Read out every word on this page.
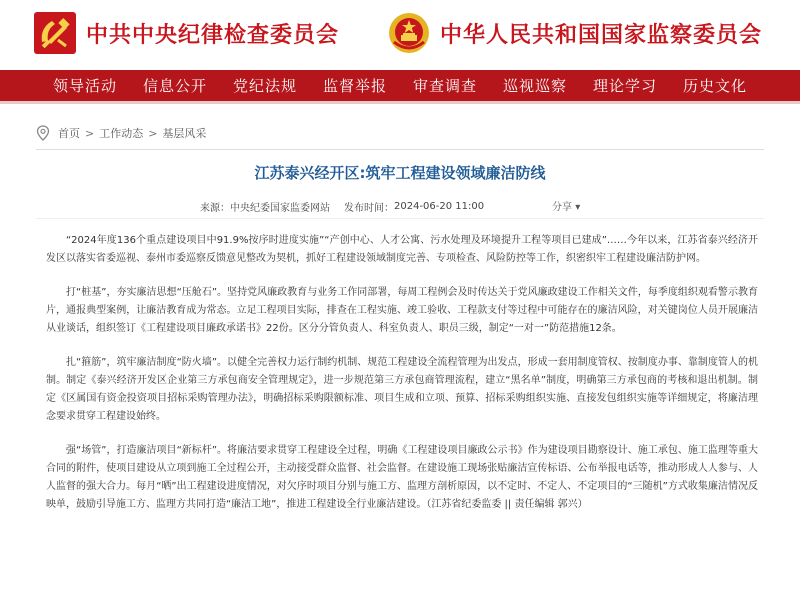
中共中央纪律检查委员会	中华人民共和国国家监察委员会
领导活动 信息公开 党纪法规 监督举报 审查调查 巡视巡察 理论学习 历史文化
首页 > 工作动态 > 基层风采
江苏泰兴经开区:筑牢工程建设领域廉洁防线
来源： 中央纪委国家监委网站 发布时间： 2024-06-20 11:00	分享 ▾

“2024年度136个重点建设项目中91.9%按序时进度实施”“产创中心、人才公寓、污水处理及环境提升工程等项目已建成”……今年以来，江苏省泰兴经济开发区以落实省委巡视、泰州市委巡察反馈意见整改为契机，抓好工程建设领域制度完善、专项检查、风险防控等工作，织密织牢工程建设廉洁防护网。

打“桩基”，夯实廉洁思想“压舱石”。坚持党风廉政教育与业务工作同部署，每周工程例会及时传达关于党风廉政建设工作相关文件，每季度组织观看警示教育片，通报典型案例，让廉洁教育成为常态。立足工程项目实际，排查在工程实施、竣工验收、工程款支付等过程中可能存在的廉洁风险，对关键岗位人员开展廉洁从业谈话，组织签订《工程建设项目廉政承诺书》22份。区分分管负责人、科室负责人、职员三级，制定“一对一”防范措施12条。

扎“箍筋”，筑牢廉洁制度“防火墙”。以健全完善权力运行制约机制、规范工程建设全流程管理为出发点，形成一套用制度管权、按制度办事、靠制度管人的机制。制定《泰兴经济开发区企业第三方承包商安全管理规定》，进一步规范第三方承包商管理流程，建立“黑名单”制度，明确第三方承包商的考核和退出机制。制定《区属国有资金投资项目招标采购管理办法》，明确招标采购限额标准、项目生成和立项、预算、招标采购组织实施、直接发包组织实施等详细规定，将廉洁理念要求贯穿工程建设始终。

强“场管”，打造廉洁项目“新标杆”。将廉洁要求贯穿工程建设全过程，明确《工程建设项目廉政公示书》作为建设项目勘察设计、施工承包、施工监理等重大合同的附件，使项目建设从立项到施工全过程公开，主动接受群众监督、社会监督。在建设施工现场张贴廉洁宣传标语、公布举报电话等，推动形成人人参与、人人监督的强大合力。每月“晒”出工程建设进度情况，对欠序时项目分别与施工方、监理方剖析原因，以不定时、不定人、不定项目的“三随机”方式收集廉洁情况反映单，鼓励引导施工方、监理方共同打造“廉洁工地”，推进工程建设全行业廉洁建设。（江苏省纪委监委 || 责任编辑 郭兴）
